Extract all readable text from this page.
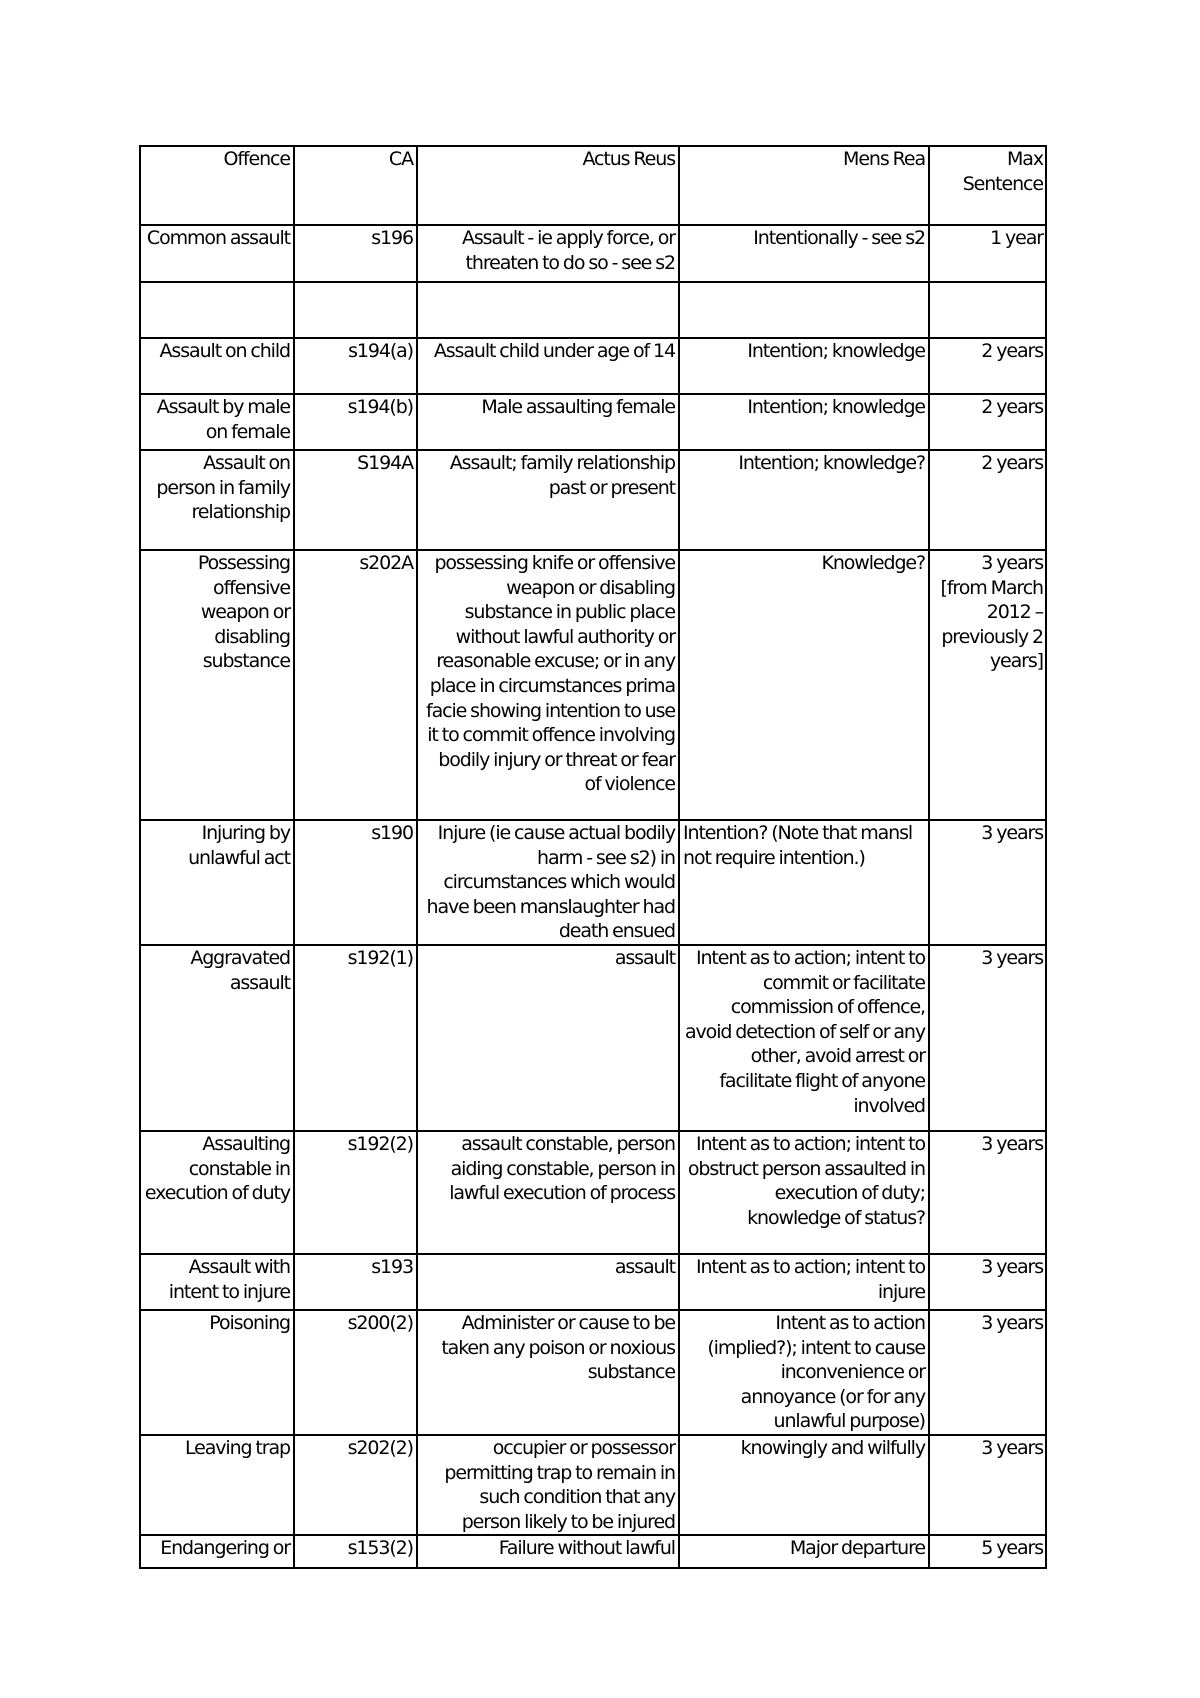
Offence	CA	Actus Reus	Mens Rea	Max Sentence
Common assault	s196	Assault - ie apply force, or threaten to do so - see s2	Intentionally - see s2	1 year

Assault on child	s194(a)	Assault child under age of 14	Intention; knowledge	2 years
Assault by male on female	s194(b)	Male assaulting female	Intention; knowledge	2 years
Assault on person in family relationship	S194A	Assault; family relationship past or present	Intention; knowledge?	2 years
Possessing offensive weapon or disabling substance	s202A	possessing knife or offensive weapon or disabling substance in public place without lawful authority or reasonable excuse; or in any place in circumstances prima facie showing intention to use it to commit offence involving bodily injury or threat or fear of violence	Knowledge?	3 years [from March 2012 – previously 2 years]
Injuring by unlawful act	s190	Injure (ie cause actual bodily harm - see s2) in circumstances which would have been manslaughter had death ensued	Intention? (Note that mansl not require intention.)	3 years
Aggravated assault	s192(1)	assault	Intent as to action; intent to commit or facilitate commission of offence, avoid detection of self or any other, avoid arrest or facilitate flight of anyone involved	3 years
Assaulting constable in execution of duty	s192(2)	assault constable, person aiding constable, person in lawful execution of process	Intent as to action; intent to obstruct person assaulted in execution of duty; knowledge of status?	3 years
Assault with intent to injure	s193	assault	Intent as to action; intent to injure	3 years
Poisoning	s200(2)	Administer or cause to be taken any poison or noxious substance	Intent as to action (implied?); intent to cause inconvenience or annoyance (or for any unlawful purpose)	3 years
Leaving trap	s202(2)	occupier or possessor permitting trap to remain in such condition that any person likely to be injured	knowingly and wilfully	3 years
Endangering or	s153(2)	Failure without lawful	Major departure	5 years
